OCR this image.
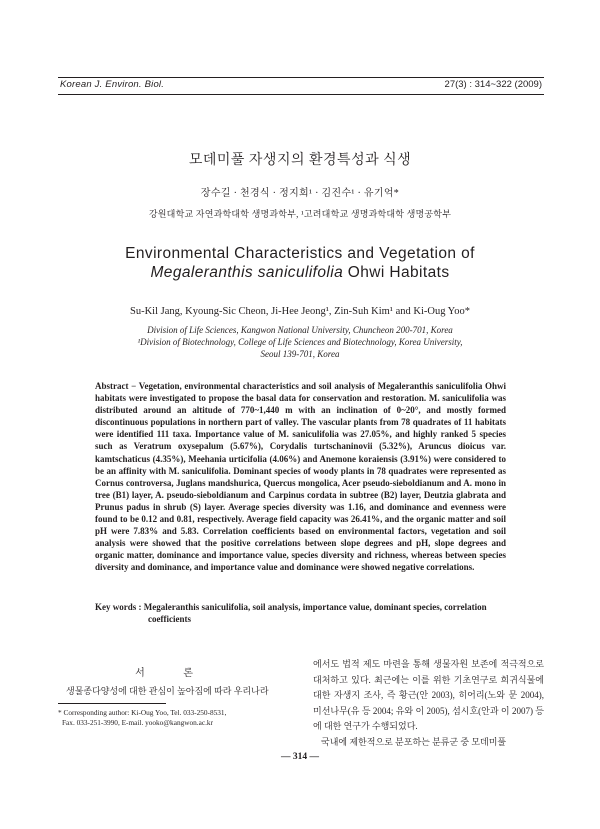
Korean J. Environ. Biol.	27(3) : 314~322 (2009)
모데미풀 자생지의 환경특성과 식생
장수길 · 천경식 · 정지희¹ · 김진수¹ · 유기억*
강원대학교 자연과학대학 생명과학부, ¹고려대학교 생명과학대학 생명공학부
Environmental Characteristics and Vegetation of
Megaleranthis saniculifolia Ohwi Habitats
Su-Kil Jang, Kyoung-Sic Cheon, Ji-Hee Jeong¹, Zin-Suh Kim¹ and Ki-Oug Yoo*
Division of Life Sciences, Kangwon National University, Chuncheon 200-701, Korea
¹Division of Biotechnology, College of Life Sciences and Biotechnology, Korea University,
Seoul 139-701, Korea
Abstract − Vegetation, environmental characteristics and soil analysis of Megaleranthis saniculifolia Ohwi habitats were investigated to propose the basal data for conservation and restoration. M. saniculifolia was distributed around an altitude of 770~1,440 m with an inclination of 0~20°, and mostly formed discontinuous populations in northern part of valley. The vascular plants from 78 quadrates of 11 habitats were identified 111 taxa. Importance value of M. saniculifolia was 27.05%, and highly ranked 5 species such as Veratrum oxysepalum (5.67%), Corydalis turtschaninovii (5.32%), Aruncus dioicus var. kamtschaticus (4.35%), Meehania urticifolia (4.06%) and Anemone koraiensis (3.91%) were considered to be an affinity with M. saniculifolia. Dominant species of woody plants in 78 quadrates were represented as Cornus controversa, Juglans mandshurica, Quercus mongolica, Acer pseudo-sieboldianum and A. mono in tree (B1) layer, A. pseudo-sieboldianum and Carpinus cordata in subtree (B2) layer, Deutzia glabrata and Prunus padus in shrub (S) layer. Average species diversity was 1.16, and dominance and evenness were found to be 0.12 and 0.81, respectively. Average field capacity was 26.41%, and the organic matter and soil pH were 7.83% and 5.83. Correlation coefficients based on environmental factors, vegetation and soil analysis were showed that the positive correlations between slope degrees and pH, slope degrees and organic matter, dominance and importance value, species diversity and richness, whereas between species diversity and dominance, and importance value and dominance were showed negative correlations.
Key words : Megaleranthis saniculifolia, soil analysis, importance value, dominant species, correlation coefficients
서 론
생물종다양성에 대한 관심이 높아짐에 따라 우리나라
* Corresponding author: Ki-Oug Yoo, Tel. 033-250-8531,
Fax. 033-251-3990, E-mail. yooko@kangwon.ac.kr

에서도 법적 제도 마련을 통해 생물자원 보존에 적극적으로 대처하고 있다. 최근에는 이를 위한 기초연구로 희귀식물에 대한 자생지 조사, 즉 황근(안 2003), 히어리(노와 문 2004), 미선나무(유 등 2004; 유와 이 2005), 섬시호(안과 이 2007) 등에 대한 연구가 수행되었다.

국내에 제한적으로 분포하는 분류군 중 모데미풀

— 314 —
